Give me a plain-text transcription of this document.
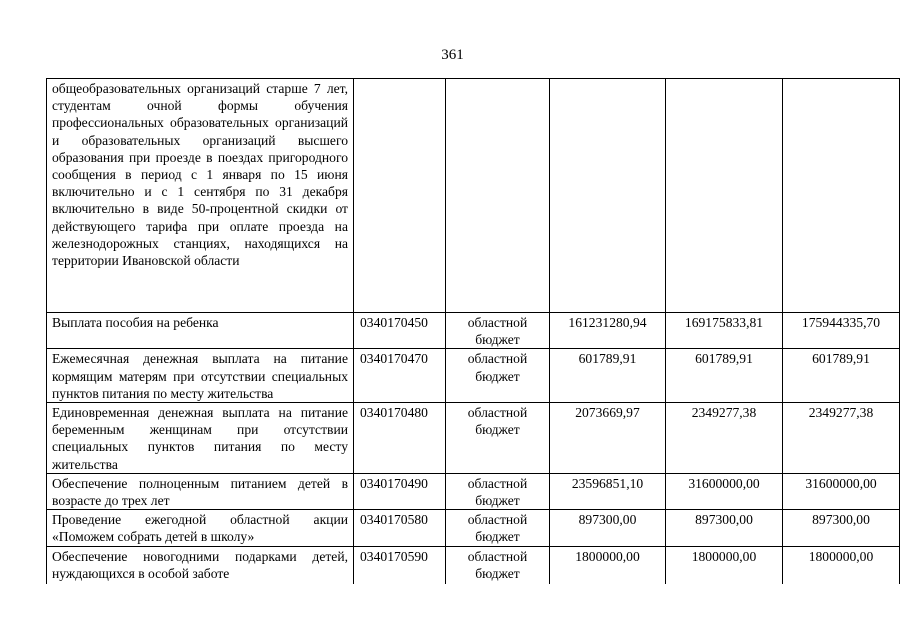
361
общеобразовательных организаций старше 7 лет, студентам очной формы обучения профессиональных образовательных организаций и образовательных организаций высшего образования при проезде в поездах пригородного сообщения в период с 1 января по 15 июня включительно и с 1 сентября по 31 декабря включительно в виде 50-процентной скидки от действующего тарифа при оплате проезда на железнодорожных станциях, находящихся на территории Ивановской области					
Выплата пособия на ребенка	0340170450	областной бюджет	161231280,94	169175833,81	175944335,70
Ежемесячная денежная выплата на питание кормящим матерям при отсутствии специальных пунктов питания по месту жительства	0340170470	областной бюджет	601789,91	601789,91	601789,91
Единовременная денежная выплата на питание беременным женщинам при отсутствии специальных пунктов питания по месту жительства	0340170480	областной бюджет	2073669,97	2349277,38	2349277,38
Обеспечение полноценным питанием детей в возрасте до трех лет	0340170490	областной бюджет	23596851,10	31600000,00	31600000,00
Проведение ежегодной областной акции «Поможем собрать детей в школу»	0340170580	областной бюджет	897300,00	897300,00	897300,00
Обеспечение новогодними подарками детей, нуждающихся в особой заботе	0340170590	областной бюджет	1800000,00	1800000,00	1800000,00
